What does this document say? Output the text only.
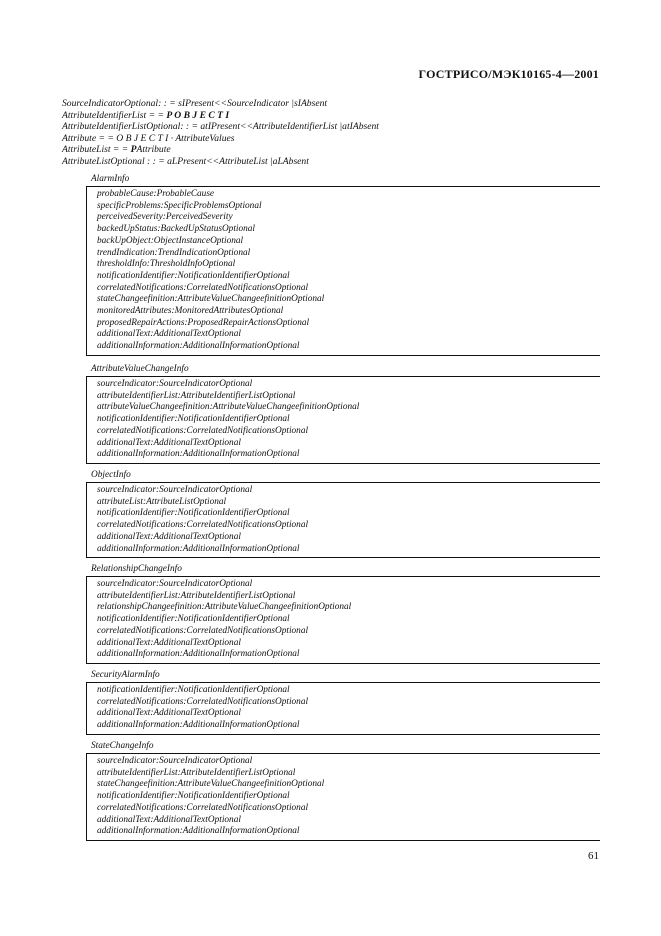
ГОСТРИСО/МЭК10165-4—2001
SourceIndicatorOptional: : = sIPresent<<SourceIndicator |sIAbsent
AttributeIdentifierList = = P O B J E C T I
AttributeIdentifierListOptional: : = atIPresent<<AttributeIdentifierList |atIAbsent
Attribute = = O B J E C T I · AttributeValues
AttributeList = = PAttribute
AttributeListOptional : : = aLPresent<<AttributeList |aLAbsent
AlarmInfo
probableCause:ProbableCause
specificProblems:SpecificProblemsOptional
perceivedSeverity:PerceivedSeverity
backedUpStatus:BackedUpStatusOptional
backUpObject:ObjectInstanceOptional
trendIndication:TrendIndicationOptional
thresholdInfo:ThresholdInfoOptional
notificationIdentifier:NotificationIdentifierOptional
correlatedNotifications:CorrelatedNotificationsOptional
stateChangeefinition:AttributeValueChangeefinitionOptional
monitoredAttributes:MonitoredAttributesOptional
proposedRepairActions:ProposedRepairActionsOptional
additionalText:AdditionalTextOptional
additionalInformation:AdditionalInformationOptional
AttributeValueChangeInfo
sourceIndicator:SourceIndicatorOptional
attributeIdentifierList:AttributeIdentifierListOptional
attributeValueChangeefinition:AttributeValueChangeefinitionOptional
notificationIdentifier:NotificationIdentifierOptional
correlatedNotifications:CorrelatedNotificationsOptional
additionalText:AdditionalTextOptional
additionalInformation:AdditionalInformationOptional
ObjectInfo
sourceIndicator:SourceIndicatorOptional
attributeList:AttributeListOptional
notificationIdentifier:NotificationIdentifierOptional
correlatedNotifications:CorrelatedNotificationsOptional
additionalText:AdditionalTextOptional
additionalInformation:AdditionalInformationOptional
RelationshipChangeInfo
sourceIndicator:SourceIndicatorOptional
attributeIdentifierList:AttributeIdentifierListOptional
relationshipChangeefinition:AttributeValueChangeefinitionOptional
notificationIdentifier:NotificationIdentifierOptional
correlatedNotifications:CorrelatedNotificationsOptional
additionalText:AdditionalTextOptional
additionalInformation:AdditionalInformationOptional
SecurityAlarmInfo
notificationIdentifier:NotificationIdentifierOptional
correlatedNotifications:CorrelatedNotificationsOptional
additionalText:AdditionalTextOptional
additionalInformation:AdditionalInformationOptional
StateChangeInfo
sourceIndicator:SourceIndicatorOptional
attributeIdentifierList:AttributeIdentifierListOptional
stateChangeefinition:AttributeValueChangeefinitionOptional
notificationIdentifier:NotificationIdentifierOptional
correlatedNotifications:CorrelatedNotificationsOptional
additionalText:AdditionalTextOptional
additionalInformation:AdditionalInformationOptional
61
